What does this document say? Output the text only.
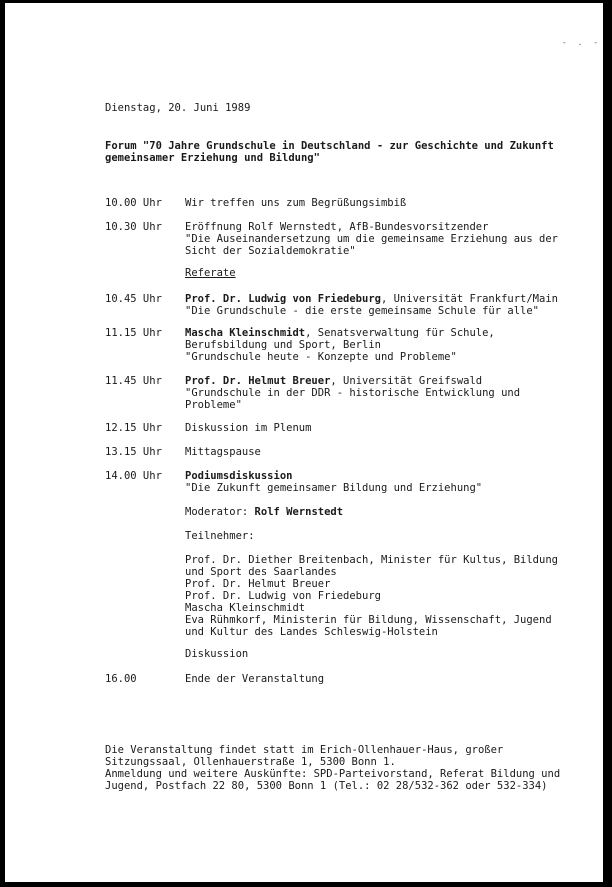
- . -
Dienstag, 20. Juni 1989
Forum "70 Jahre Grundschule in Deutschland - zur Geschichte und Zukunft
gemeinsamer Erziehung und Bildung"
10.00 Uhr Wir treffen uns zum Begrüßungsimbiß
10.30 Uhr Eröffnung Rolf Wernstedt, AfB-Bundesvorsitzender
"Die Auseinandersetzung um die gemeinsame Erziehung aus der
Sicht der Sozialdemokratie"
Referate
10.45 Uhr Prof. Dr. Ludwig von Friedeburg, Universität Frankfurt/Main
"Die Grundschule - die erste gemeinsame Schule für alle"
11.15 Uhr Mascha Kleinschmidt, Senatsverwaltung für Schule,
Berufsbildung und Sport, Berlin
"Grundschule heute - Konzepte und Probleme"
11.45 Uhr Prof. Dr. Helmut Breuer, Universität Greifswald
"Grundschule in der DDR - historische Entwicklung und
Probleme"
12.15 Uhr Diskussion im Plenum
13.15 Uhr Mittagspause
14.00 Uhr Podiumsdiskussion
"Die Zukunft gemeinsamer Bildung und Erziehung"
Moderator: Rolf Wernstedt
Teilnehmer:
Prof. Dr. Diether Breitenbach, Minister für Kultus, Bildung
und Sport des Saarlandes
Prof. Dr. Helmut Breuer
Prof. Dr. Ludwig von Friedeburg
Mascha Kleinschmidt
Eva Rühmkorf, Ministerin für Bildung, Wissenschaft, Jugend
und Kultur des Landes Schleswig-Holstein
Diskussion
16.00	Ende der Veranstaltung
Die Veranstaltung findet statt im Erich-Ollenhauer-Haus, großer
Sitzungssaal, Ollenhauerstraße 1, 5300 Bonn 1.
Anmeldung und weitere Auskünfte: SPD-Parteivorstand, Referat Bildung und
Jugend, Postfach 22 80, 5300 Bonn 1 (Tel.: 02 28/532-362 oder 532-334)
